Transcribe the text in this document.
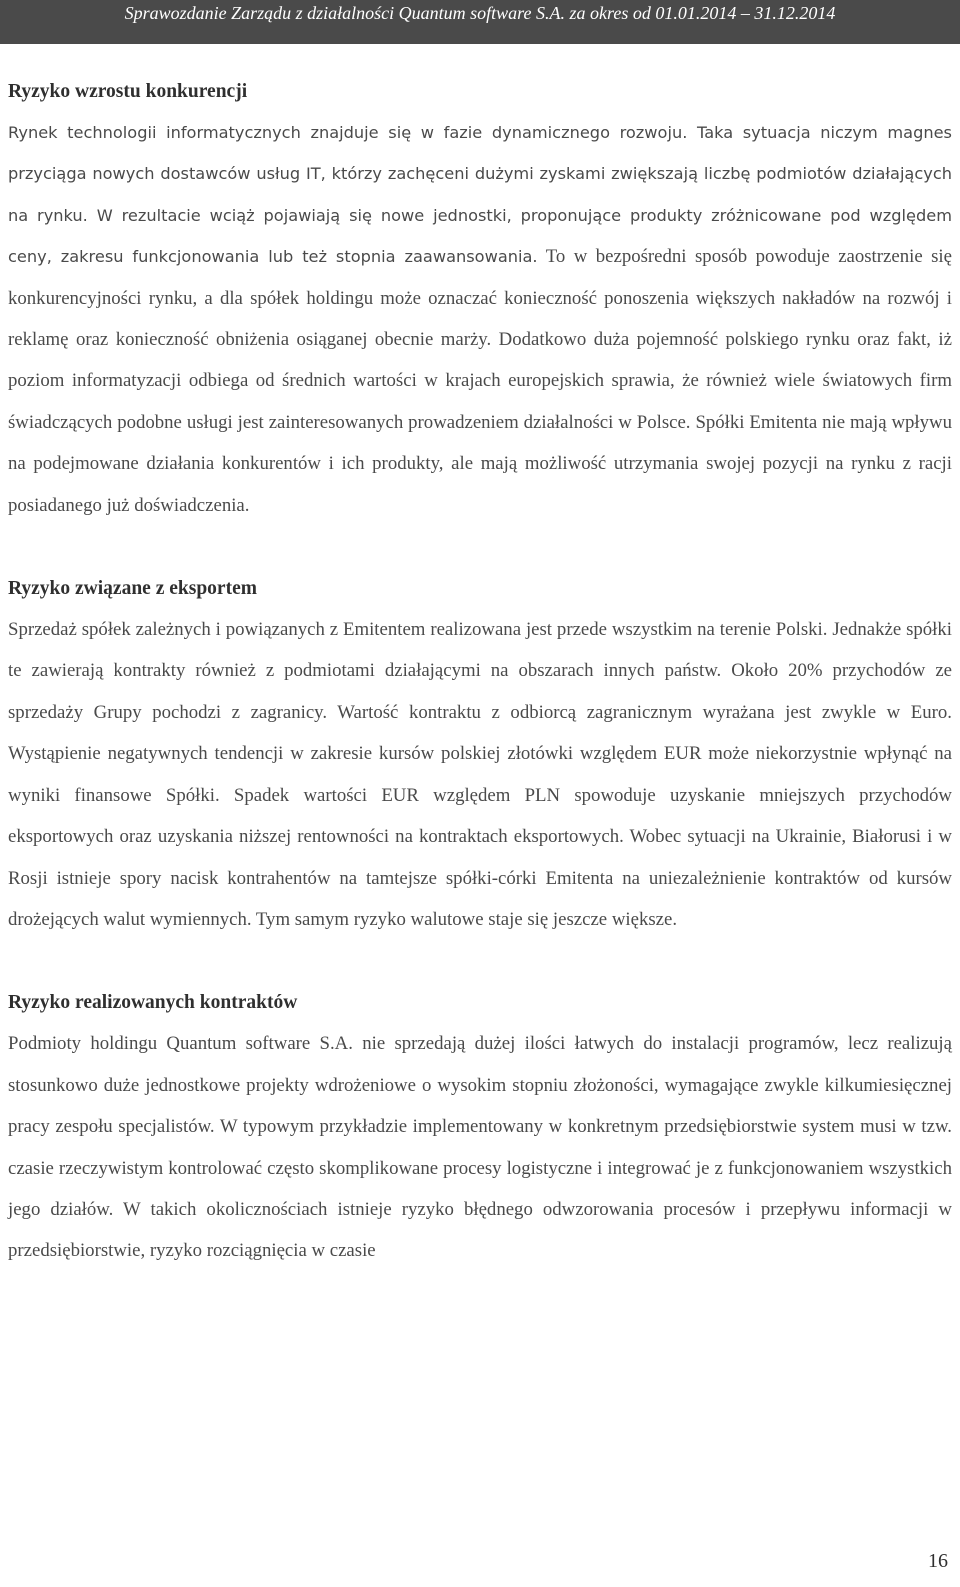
Sprawozdanie Zarządu z działalności Quantum software S.A. za okres od 01.01.2014 – 31.12.2014
Ryzyko wzrostu konkurencji

Rynek technologii informatycznych znajduje się w fazie dynamicznego rozwoju. Taka sytuacja niczym magnes przyciąga nowych dostawców usług IT, którzy zachęceni dużymi zyskami zwiększają liczbę podmiotów działających na rynku. W rezultacie wciąż pojawiają się nowe jednostki, proponujące produkty zróżnicowane pod względem ceny, zakresu funkcjonowania lub też stopnia zaawansowania. To w bezpośredni sposób powoduje zaostrzenie się konkurencyjności rynku, a dla spółek holdingu może oznaczać konieczność ponoszenia większych nakładów na rozwój i reklamę oraz konieczność obniżenia osiąganej obecnie marży. Dodatkowo duża pojemność polskiego rynku oraz fakt, iż poziom informatyzacji odbiega od średnich wartości w krajach europejskich sprawia, że również wiele światowych firm świadczących podobne usługi jest zainteresowanych prowadzeniem działalności w Polsce. Spółki Emitenta nie mają wpływu na podejmowane działania konkurentów i ich produkty, ale mają możliwość utrzymania swojej pozycji na rynku z racji posiadanego już doświadczenia.

Ryzyko związane z eksportem

Sprzedaż spółek zależnych i powiązanych z Emitentem realizowana jest przede wszystkim na terenie Polski. Jednakże spółki te zawierają kontrakty również z podmiotami działającymi na obszarach innych państw. Około 20% przychodów ze sprzedaży Grupy pochodzi z zagranicy. Wartość kontraktu z odbiorcą zagranicznym wyrażana jest zwykle w Euro. Wystąpienie negatywnych tendencji w zakresie kursów polskiej złotówki względem EUR może niekorzystnie wpłynąć na wyniki finansowe Spółki. Spadek wartości EUR względem PLN spowoduje uzyskanie mniejszych przychodów eksportowych oraz uzyskania niższej rentowności na kontraktach eksportowych. Wobec sytuacji na Ukrainie, Białorusi i w Rosji istnieje spory nacisk kontrahentów na tamtejsze spółki-córki Emitenta na uniezależnienie kontraktów od kursów drożejących walut wymiennych. Tym samym ryzyko walutowe staje się jeszcze większe.

Ryzyko realizowanych kontraktów

Podmioty holdingu Quantum software S.A. nie sprzedają dużej ilości łatwych do instalacji programów, lecz realizują stosunkowo duże jednostkowe projekty wdrożeniowe o wysokim stopniu złożoności, wymagające zwykle kilkumiesięcznej pracy zespołu specjalistów. W typowym przykładzie implementowany w konkretnym przedsiębiorstwie system musi w tzw. czasie rzeczywistym kontrolować często skomplikowane procesy logistyczne i integrować je z funkcjonowaniem wszystkich jego działów. W takich okolicznościach istnieje ryzyko błędnego odwzorowania procesów i przepływu informacji w przedsiębiorstwie, ryzyko rozciągnięcia w czasie

16
